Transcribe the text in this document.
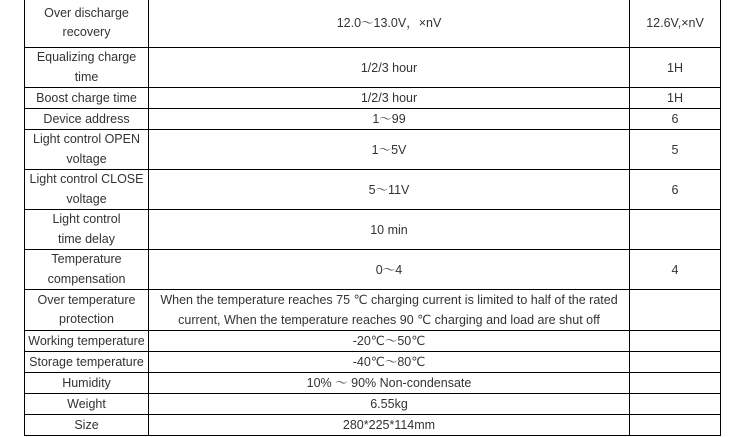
Over discharge
recovery	12.0～13.0V，×nV	12.6V,×nV

Equalizing charge
time	1/2/3 hour	1H
Boost charge time	1/2/3 hour	1H
Device address	1～99	6

Light control OPEN
voltage	1～5V	5

Light control CLOSE
voltage	5～11V	6

Light control
time delay	10 min	

Temperature
compensation	0～4	4

Over temperature
protection	When the temperature reaches 75 ℃ charging current is limited to half of the rated
current, When the temperature reaches 90 ℃ charging and load are shut off	

Working temperature	-20℃～50℃	
Storage temperature	-40℃～80℃	
Humidity	10% ～ 90% Non-condensate	
Weight	6.55kg	
Size	280*225*114mm	
